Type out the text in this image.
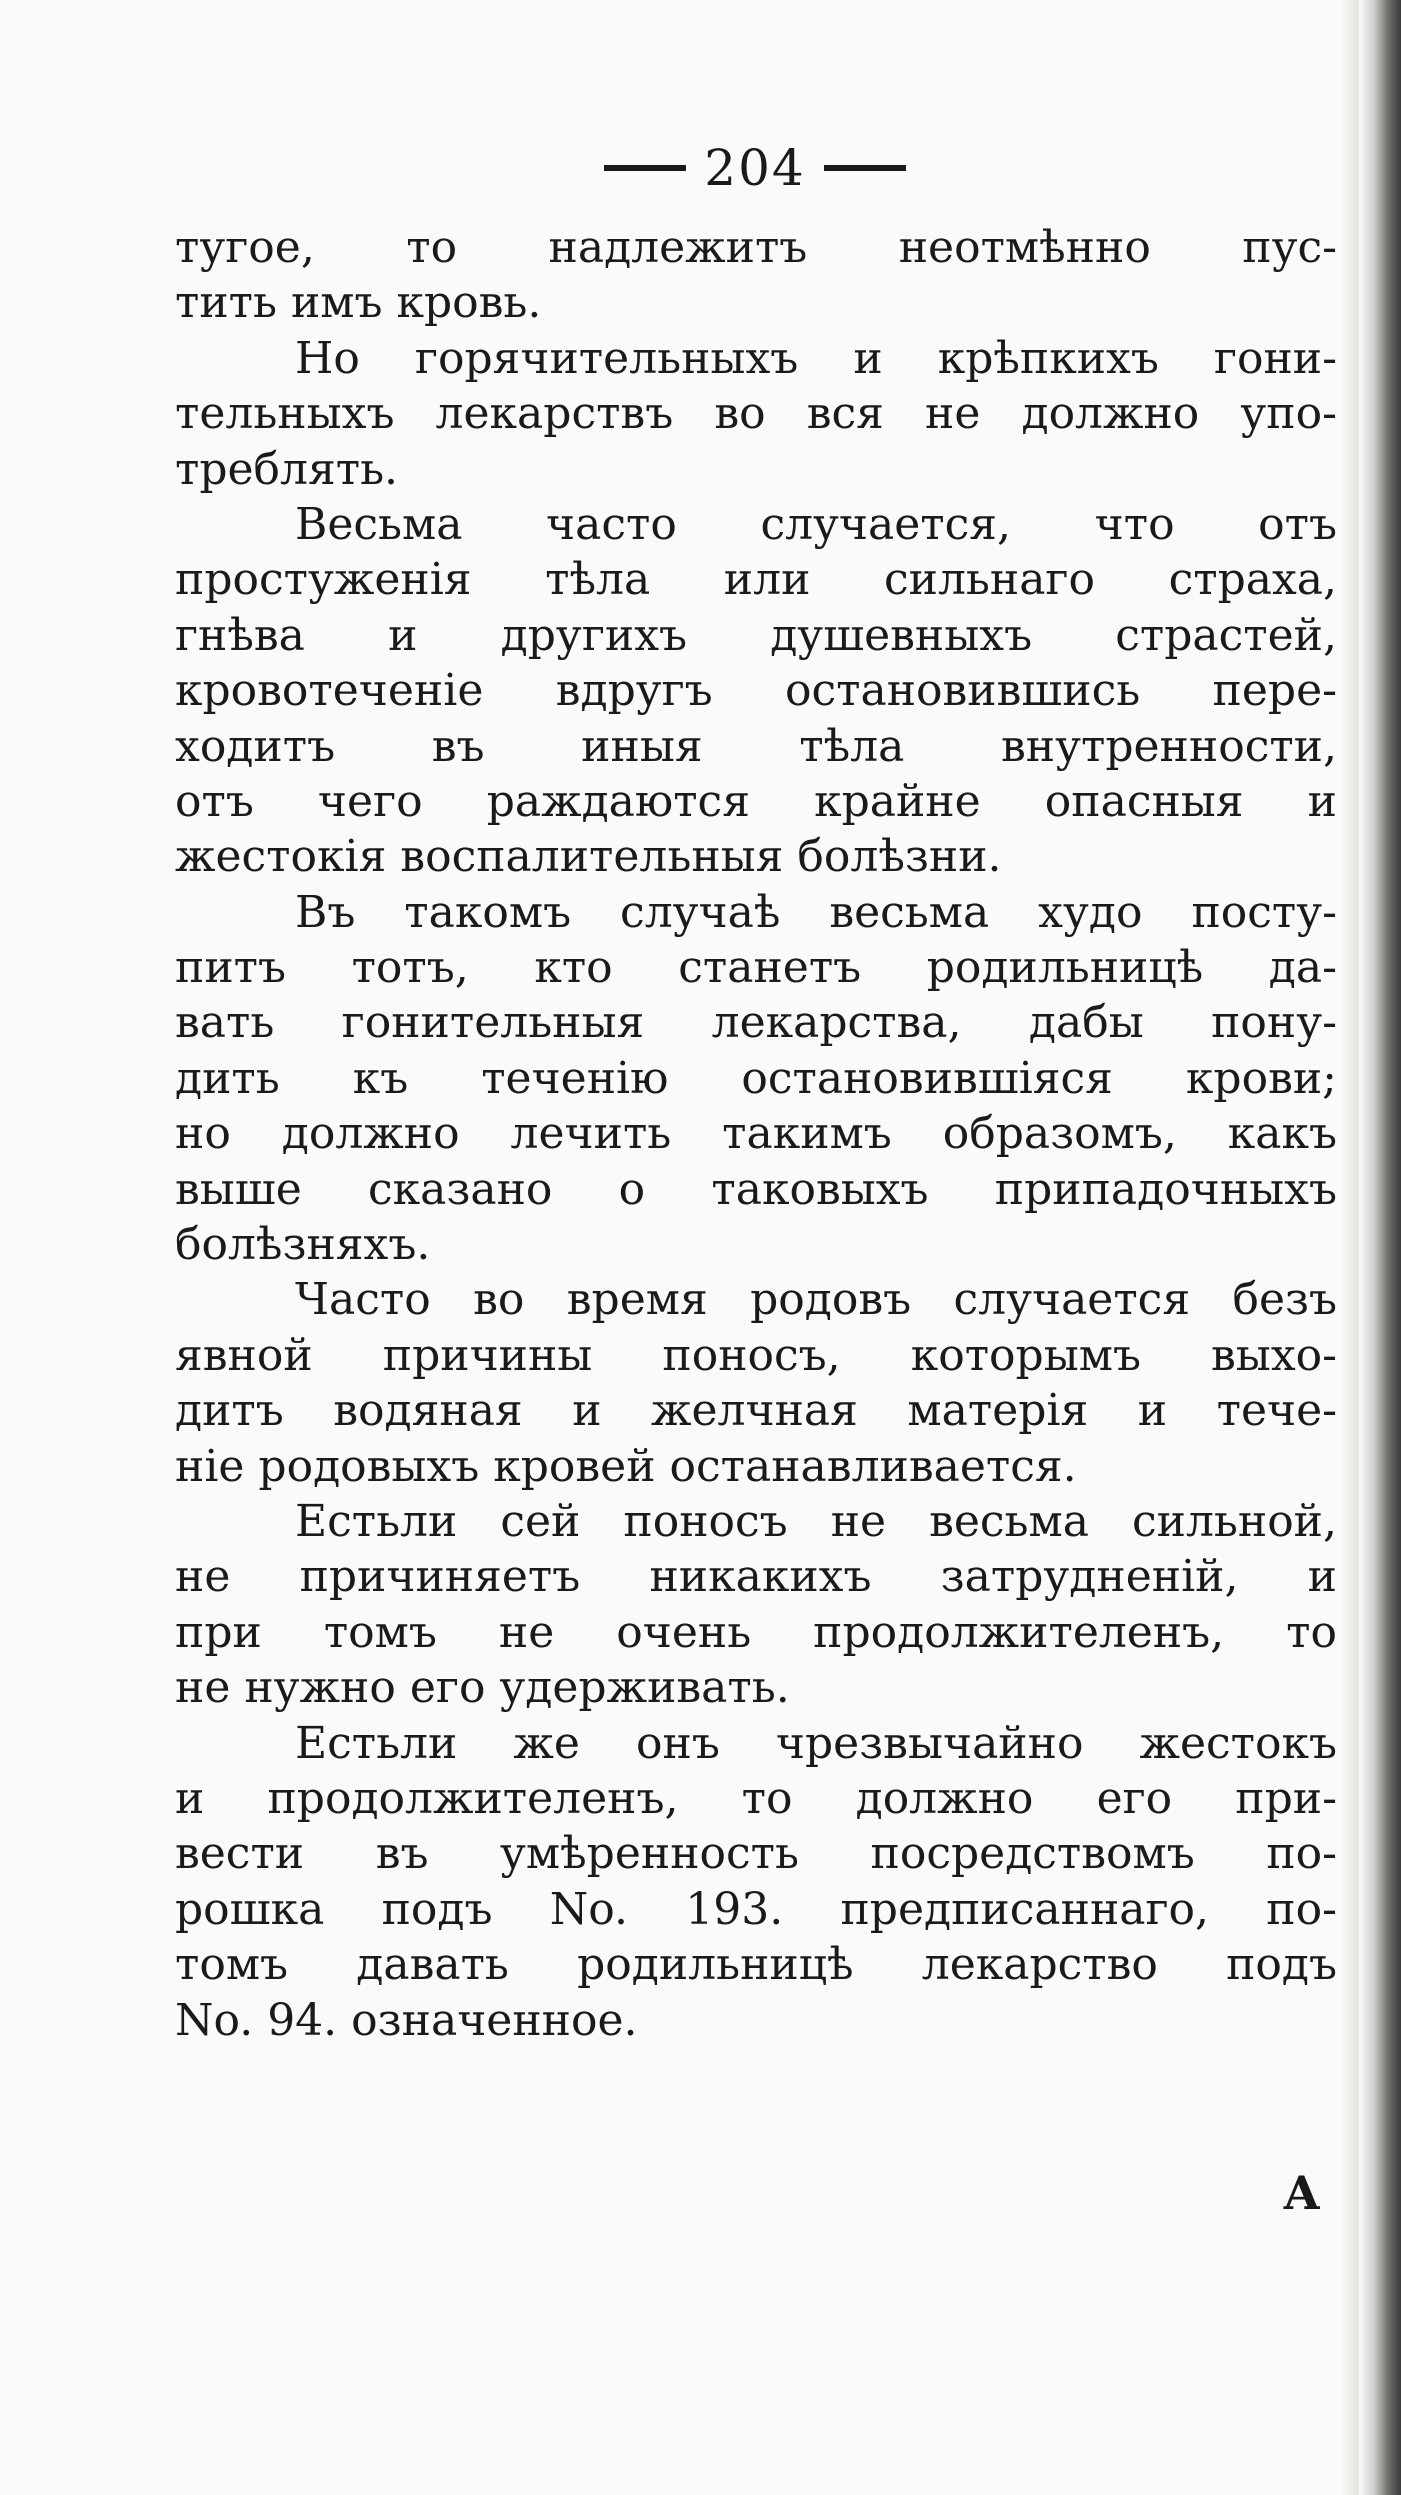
204
тугое, то надлежитъ неотмѣнно пус-
тить имъ кровь.
Но горячительныхъ и крѣпкихъ гони-
тельныхъ лекарствъ во вся не должно упо-
треблять.
Весьма часто случается, что отъ
простуженія тѣла или сильнаго страха,
гнѣва и другихъ душевныхъ страстей,
кровотеченіе вдругъ остановившись пере-
ходитъ въ иныя тѣла внутренности,
отъ чего раждаются крайне опасныя и
жестокія воспалительныя болѣзни.
Въ такомъ случаѣ весьма худо посту-
питъ тотъ, кто станетъ родильницѣ да-
вать гонительныя лекарства, дабы пону-
дить къ теченію остановившіяся крови;
но должно лечить такимъ образомъ, какъ
выше сказано о таковыхъ припадочныхъ
болѣзняхъ.
Часто во время родовъ случается безъ
явной причины поносъ, которымъ выхо-
дитъ водяная и желчная матерія и тече-
ніе родовыхъ кровей останавливается.
Естьли сей поносъ не весьма сильной,
не причиняетъ никакихъ затрудненій, и
при томъ не очень продолжителенъ, то
не нужно его удерживать.
Естьли же онъ чрезвычайно жестокъ
и продолжителенъ, то должно его при-
вести въ умѣренность посредствомъ по-
рошка подъ No. 193. предписаннаго, по-
томъ давать родильницѣ лекарство подъ
No. 94. означенное.
А
